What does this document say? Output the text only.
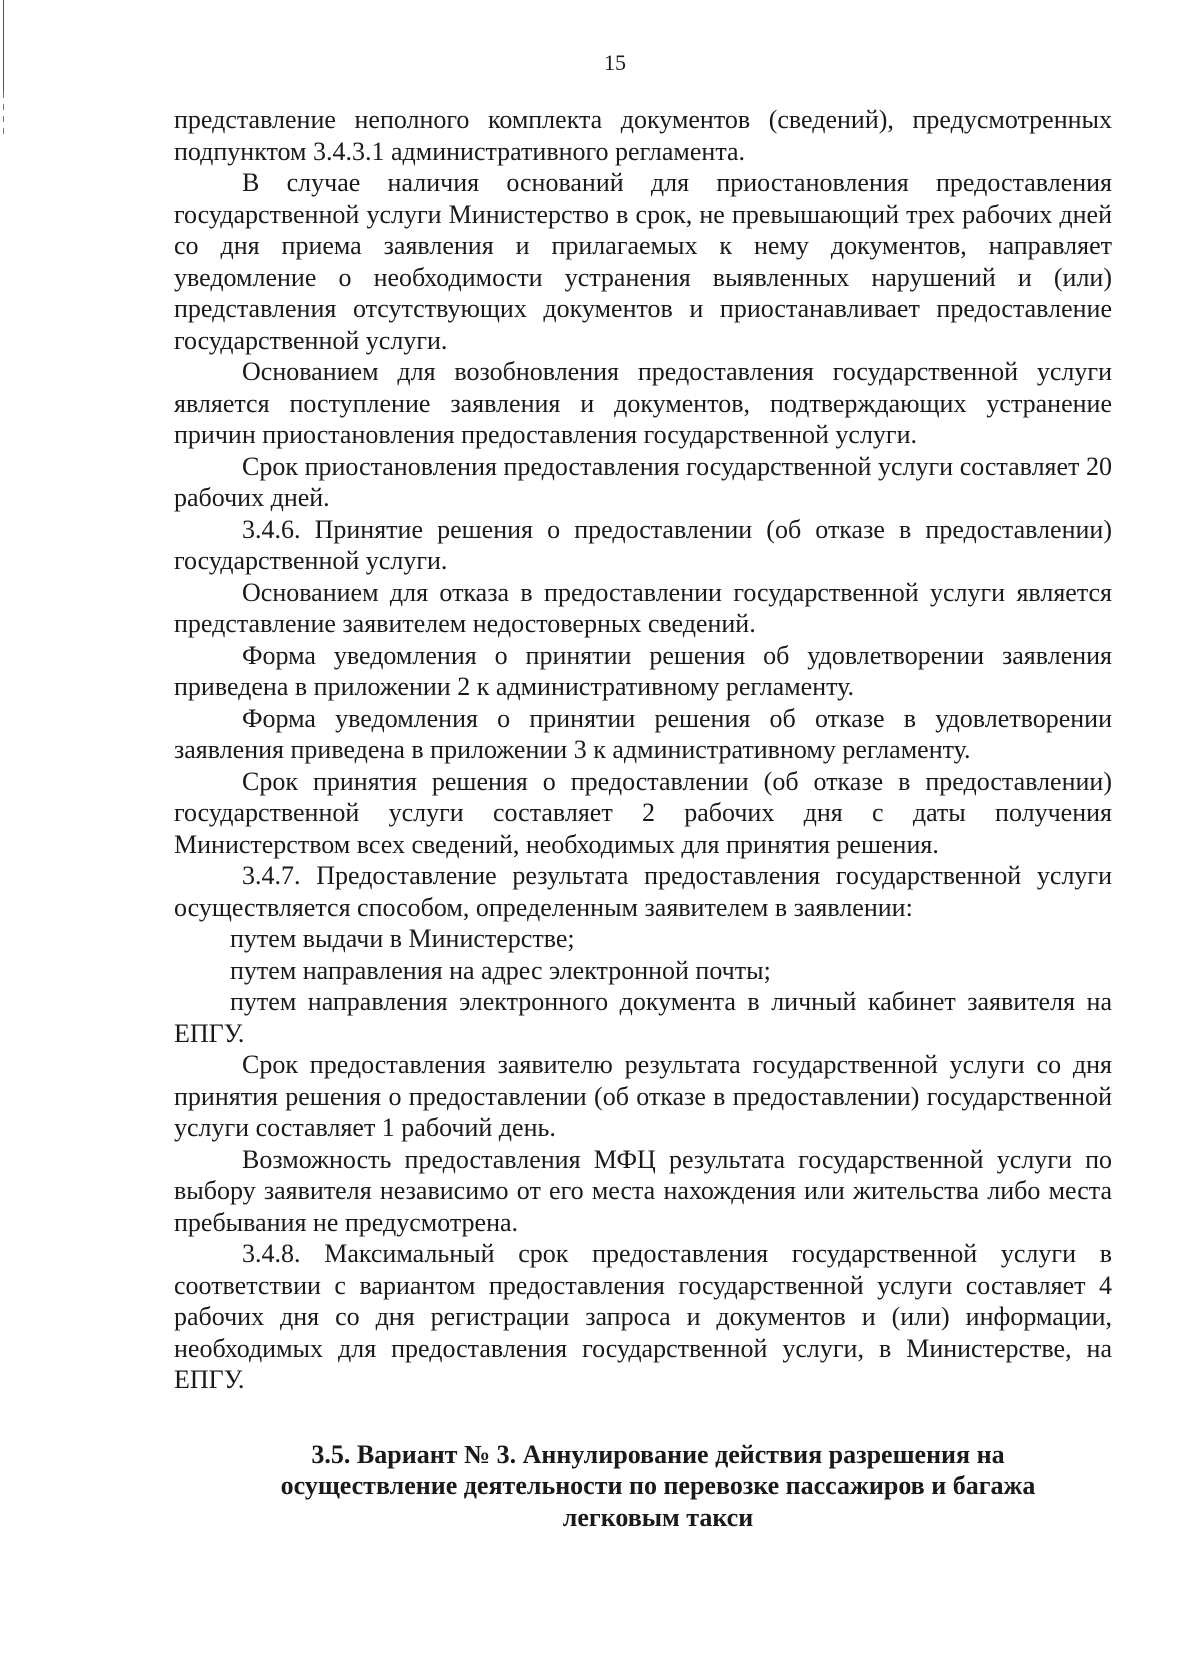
15

представление неполного комплекта документов (сведений), предусмотренных подпунктом 3.4.3.1 административного регламента.

В случае наличия оснований для приостановления предоставления государственной услуги Министерство в срок, не превышающий трех рабочих дней со дня приема заявления и прилагаемых к нему документов, направляет уведомление о необходимости устранения выявленных нарушений и (или) представления отсутствующих документов и приостанавливает предоставление государственной услуги.

Основанием для возобновления предоставления государственной услуги является поступление заявления и документов, подтверждающих устранение причин приостановления предоставления государственной услуги.

Срок приостановления предоставления государственной услуги составляет 20 рабочих дней.

3.4.6. Принятие решения о предоставлении (об отказе в предоставлении) государственной услуги.

Основанием для отказа в предоставлении государственной услуги является представление заявителем недостоверных сведений.

Форма уведомления о принятии решения об удовлетворении заявления приведена в приложении 2 к административному регламенту.

Форма уведомления о принятии решения об отказе в удовлетворении заявления приведена в приложении 3 к административному регламенту.

Срок принятия решения о предоставлении (об отказе в предоставлении) государственной услуги составляет 2 рабочих дня с даты получения Министерством всех сведений, необходимых для принятия решения.

3.4.7. Предоставление результата предоставления государственной услуги осуществляется способом, определенным заявителем в заявлении:

путем выдачи в Министерстве;

путем направления на адрес электронной почты;

путем направления электронного документа в личный кабинет заявителя на ЕПГУ.

Срок предоставления заявителю результата государственной услуги со дня принятия решения о предоставлении (об отказе в предоставлении) государственной услуги составляет 1 рабочий день.

Возможность предоставления МФЦ результата государственной услуги по выбору заявителя независимо от его места нахождения или жительства либо места пребывания не предусмотрена.

3.4.8. Максимальный срок предоставления государственной услуги в соответствии с вариантом предоставления государственной услуги составляет 4 рабочих дня со дня регистрации запроса и документов и (или) информации, необходимых для предоставления государственной услуги, в Министерстве, на ЕПГУ.

3.5. Вариант № 3. Аннулирование действия разрешения на осуществление деятельности по перевозке пассажиров и багажа легковым такси
